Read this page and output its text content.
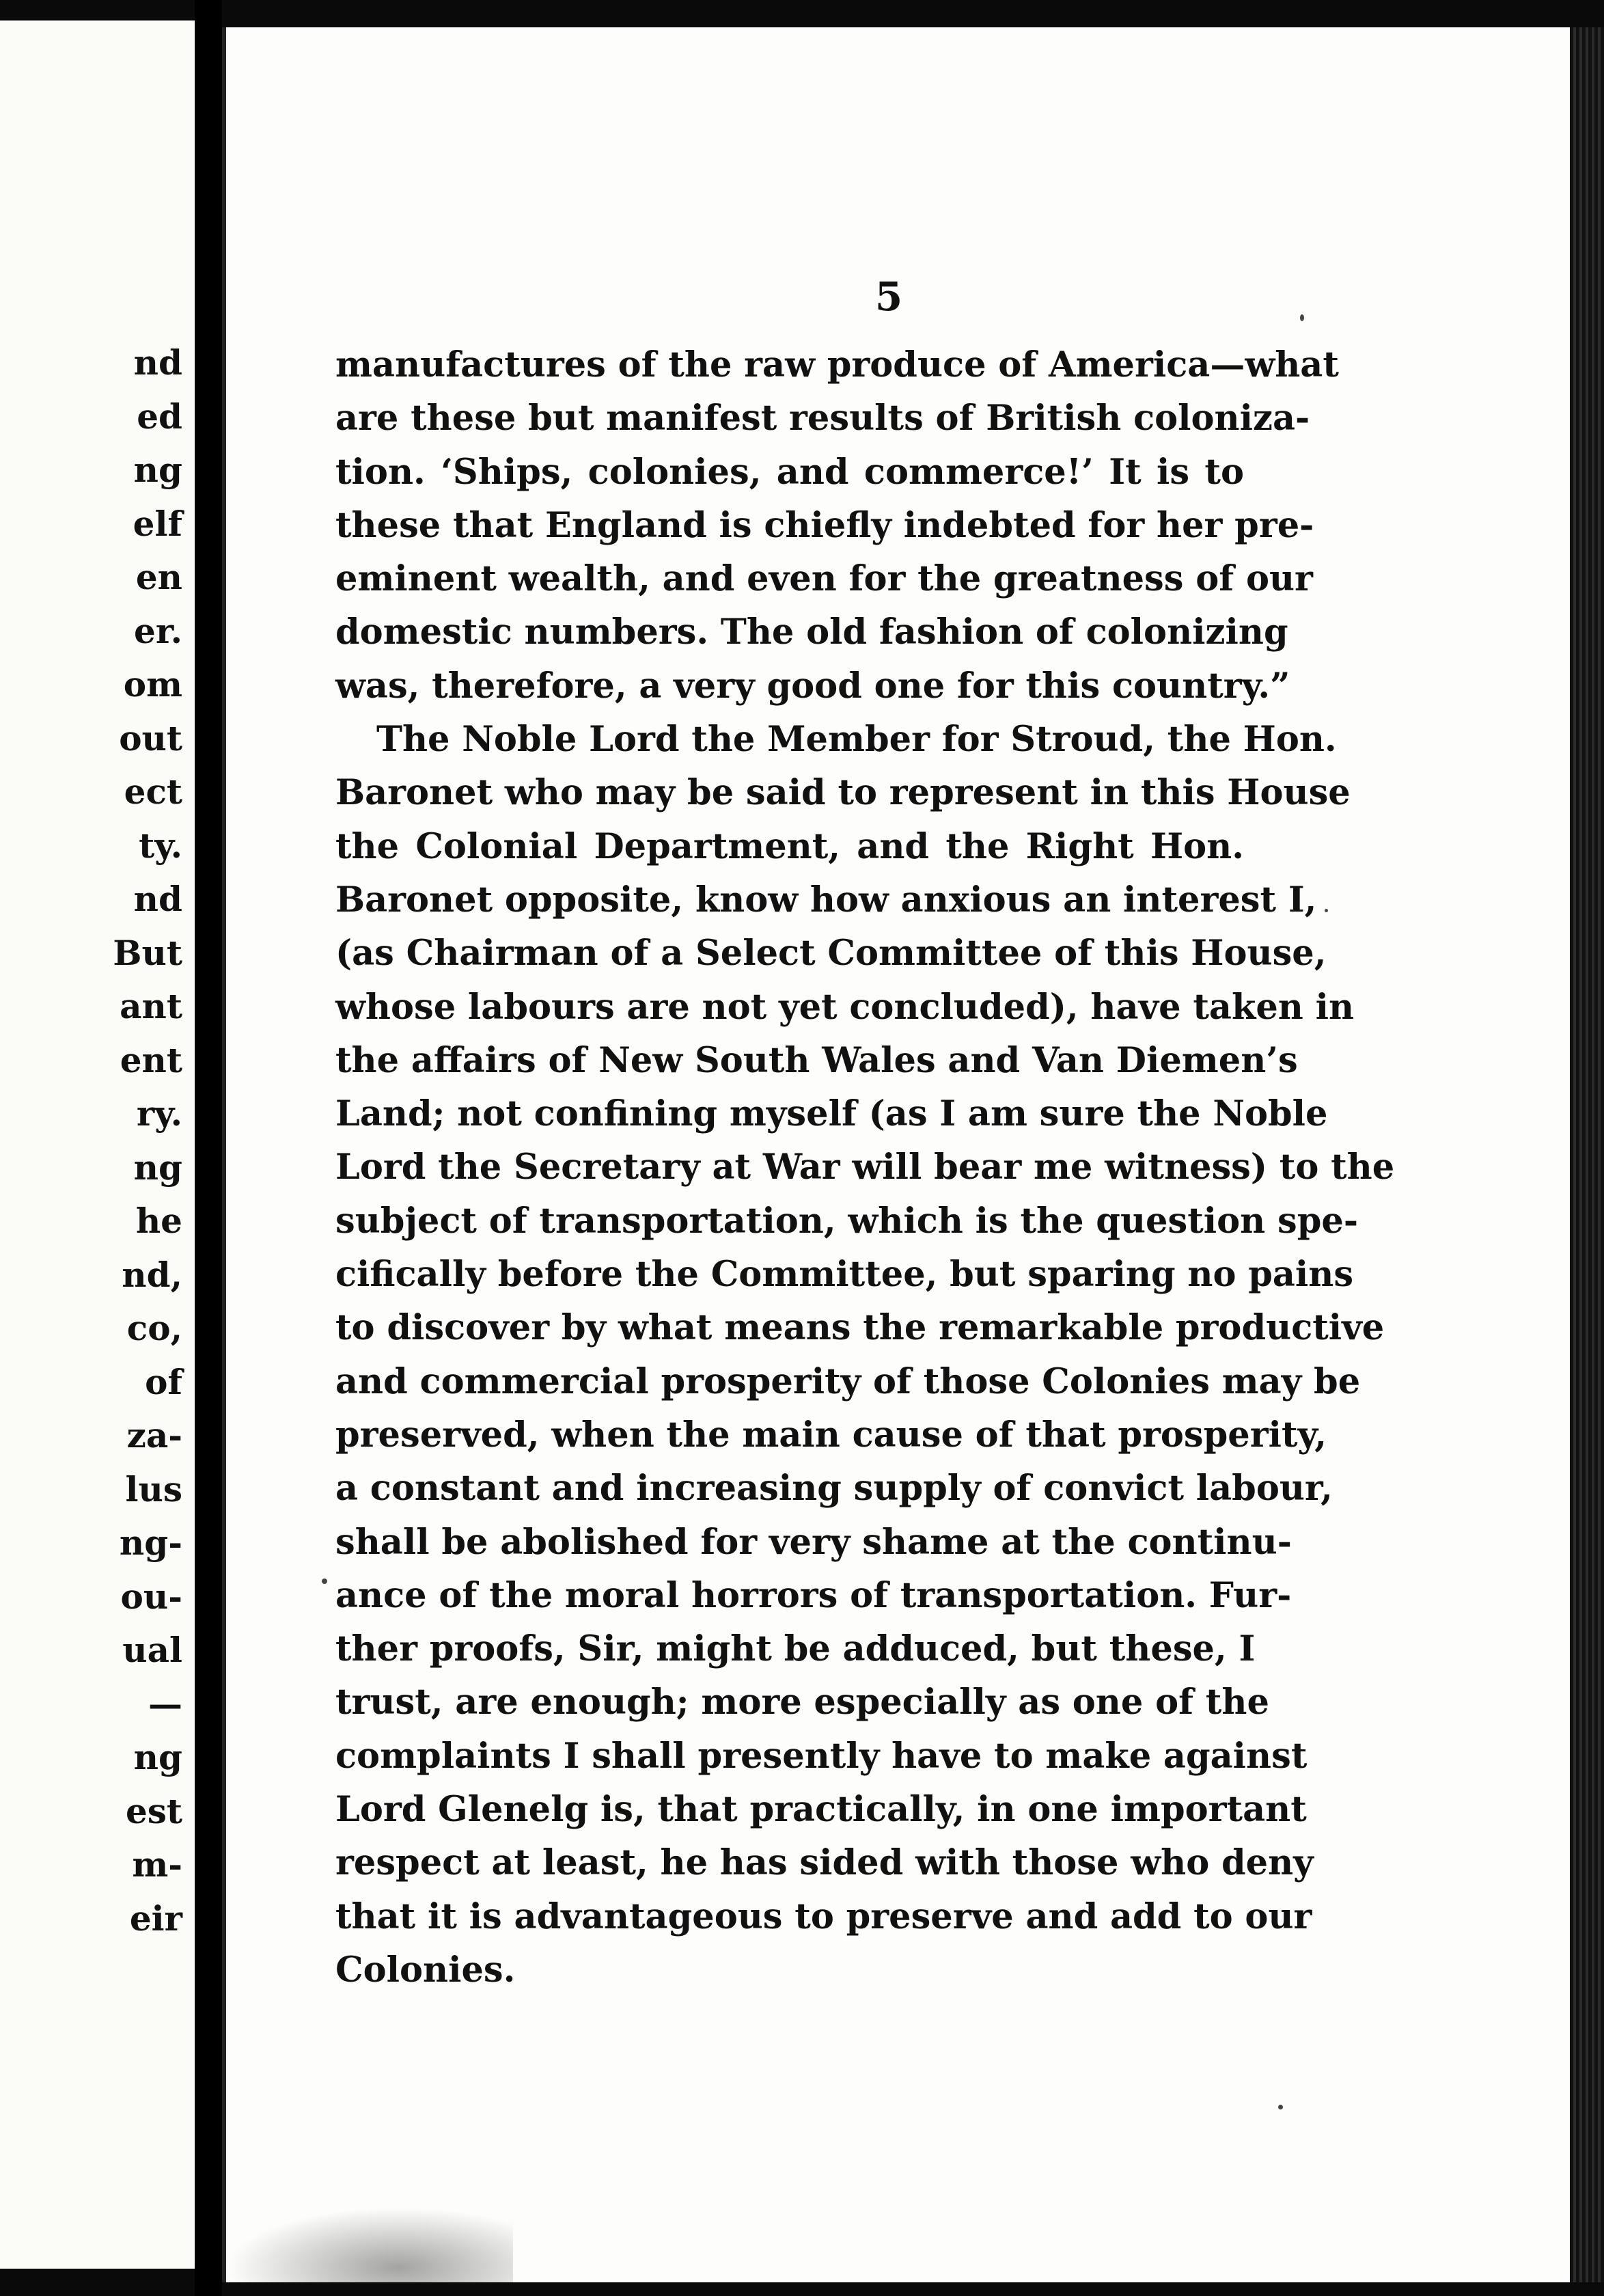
nd
ed
ng
elf
en
er.
om
out
ect
ty.
nd
But
ant
ent
ry.
ng
he
nd,
co,
of
za-
lus
ng-
ou-
ual
—
ng
est
m-
eir
5
manufactures of the raw produce of America—what
are these but manifest results of British coloniza-
tion. ‘Ships, colonies, and commerce!’ It is to
these that England is chiefly indebted for her pre-
eminent wealth, and even for the greatness of our
domestic numbers. The old fashion of colonizing
was, therefore, a very good one for this country.”
The Noble Lord the Member for Stroud, the Hon.
Baronet who may be said to represent in this House
the Colonial Department, and the Right Hon.
Baronet opposite, know how anxious an interest I,
(as Chairman of a Select Committee of this House,
whose labours are not yet concluded), have taken in
the affairs of New South Wales and Van Diemen’s
Land; not confining myself (as I am sure the Noble
Lord the Secretary at War will bear me witness) to the
subject of transportation, which is the question spe-
cifically before the Committee, but sparing no pains
to discover by what means the remarkable productive
and commercial prosperity of those Colonies may be
preserved, when the main cause of that prosperity,
a constant and increasing supply of convict labour,
shall be abolished for very shame at the continu-
ance of the moral horrors of transportation. Fur-
ther proofs, Sir, might be adduced, but these, I
trust, are enough; more especially as one of the
complaints I shall presently have to make against
Lord Glenelg is, that practically, in one important
respect at least, he has sided with those who deny
that it is advantageous to preserve and add to our
Colonies.
